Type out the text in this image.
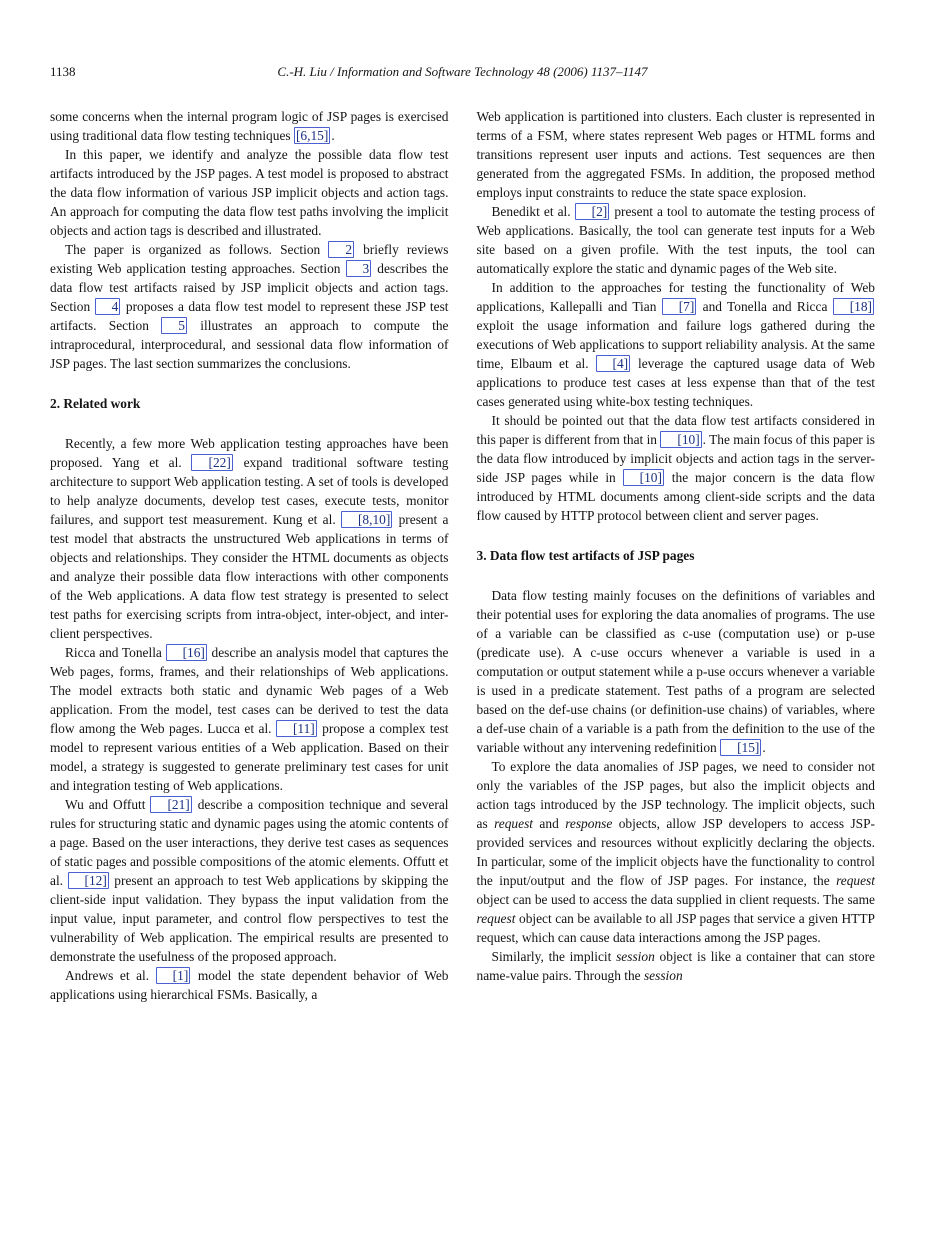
1138	C.-H. Liu / Information and Software Technology 48 (2006) 1137–1147

some concerns when the internal program logic of JSP pages is exercised using traditional data flow testing techniques [6,15] .

In this paper, we identify and analyze the possible data flow test artifacts introduced by the JSP pages. A test model is proposed to abstract the data flow information of various JSP implicit objects and action tags. An approach for computing the data flow test paths involving the implicit objects and action tags is described and illustrated.

The paper is organized as follows. Section 2 briefly reviews existing Web application testing approaches. Section 3 describes the data flow test artifacts raised by JSP implicit objects and action tags. Section 4 proposes a data flow test model to represent these JSP test artifacts. Section 5 illustrates an approach to compute the intraprocedural, interprocedural, and sessional data flow information of JSP pages. The last section summarizes the conclusions.

2. Related work

Recently, a few more Web application testing approaches have been proposed. Yang et al. [22] expand traditional software testing architecture to support Web application testing. A set of tools is developed to help analyze documents, develop test cases, execute tests, monitor failures, and support test measurement. Kung et al. [8,10] present a test model that abstracts the unstructured Web applications in terms of objects and relationships. They consider the HTML documents as objects and analyze their possible data flow interactions with other components of the Web applications. A data flow test strategy is presented to select test paths for exercising scripts from intra-object, inter-object, and inter-client perspectives.

Ricca and Tonella [16] describe an analysis model that captures the Web pages, forms, frames, and their relationships of Web applications. The model extracts both static and dynamic Web pages of a Web application. From the model, test cases can be derived to test the data flow among the Web pages. Lucca et al. [11] propose a complex test model to represent various entities of a Web application. Based on their model, a strategy is suggested to generate preliminary test cases for unit and integration testing of Web applications.

Wu and Offutt [21] describe a composition technique and several rules for structuring static and dynamic pages using the atomic contents of a page. Based on the user interactions, they derive test cases as sequences of static pages and possible compositions of the atomic elements. Offutt et al. [12] present an approach to test Web applications by skipping the client-side input validation. They bypass the input validation from the input value, input parameter, and control flow perspectives to test the vulnerability of Web application. The empirical results are presented to demonstrate the usefulness of the proposed approach.

Andrews et al. [1] model the state dependent behavior of Web applications using hierarchical FSMs. Basically, a

Web application is partitioned into clusters. Each cluster is represented in terms of a FSM, where states represent Web pages or HTML forms and transitions represent user inputs and actions. Test sequences are then generated from the aggregated FSMs. In addition, the proposed method employs input constraints to reduce the state space explosion.

Benedikt et al. [2] present a tool to automate the testing process of Web applications. Basically, the tool can generate test inputs for a Web site based on a given profile. With the test inputs, the tool can automatically explore the static and dynamic pages of the Web site.

In addition to the approaches for testing the functionality of Web applications, Kallepalli and Tian [7] and Tonella and Ricca [18] exploit the usage information and failure logs gathered during the executions of Web applications to support reliability analysis. At the same time, Elbaum et al. [4] leverage the captured usage data of Web applications to produce test cases at less expense than that of the test cases generated using white-box testing techniques.

It should be pointed out that the data flow test artifacts considered in this paper is different from that in [10] . The main focus of this paper is the data flow introduced by implicit objects and action tags in the server-side JSP pages while in [10] the major concern is the data flow introduced by HTML documents among client-side scripts and the data flow caused by HTTP protocol between client and server pages.

3. Data flow test artifacts of JSP pages

Data flow testing mainly focuses on the definitions of variables and their potential uses for exploring the data anomalies of programs. The use of a variable can be classified as c-use (computation use) or p-use (predicate use). A c-use occurs whenever a variable is used in a computation or output statement while a p-use occurs whenever a variable is used in a predicate statement. Test paths of a program are selected based on the def-use chains (or definition-use chains) of variables, where a def-use chain of a variable is a path from the definition to the use of the variable without any intervening redefinition [15] .

To explore the data anomalies of JSP pages, we need to consider not only the variables of the JSP pages, but also the implicit objects and action tags introduced by the JSP technology. The implicit objects, such as request and response objects, allow JSP developers to access JSP-provided services and resources without explicitly declaring the objects. In particular, some of the implicit objects have the functionality to control the input/output and the flow of JSP pages. For instance, the request object can be used to access the data supplied in client requests. The same request object can be available to all JSP pages that service a given HTTP request, which can cause data interactions among the JSP pages.

Similarly, the implicit session object is like a container that can store name-value pairs. Through the session
